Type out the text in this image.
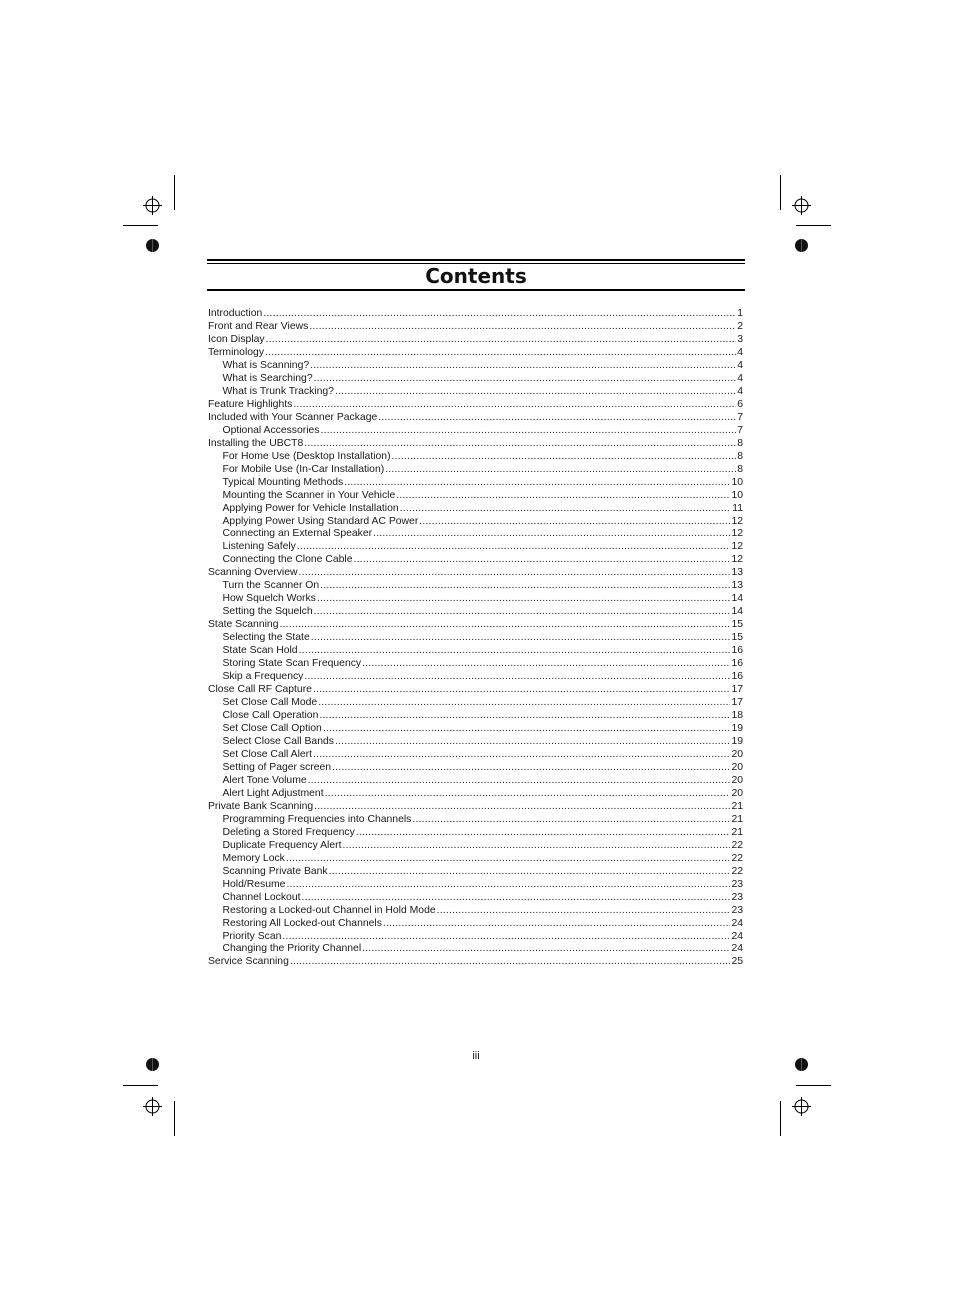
Contents
Introduction .....	1
Front and Rear Views .....	2
Icon Display .....	3
Terminology .....	4
What is Scanning? .....	4
What is Searching? .....	4
What is Trunk Tracking? .....	4
Feature Highlights .....	6
Included with Your Scanner Package .....	7
Optional Accessories .....	7
Installing the UBCT8 .....	8
For Home Use (Desktop Installation) .....	8
For Mobile Use (In-Car Installation) .....	8
Typical Mounting Methods .....	10
Mounting the Scanner in Your Vehicle .....	10
Applying Power for Vehicle Installation .....	11
Applying Power Using Standard AC Power .....	12
Connecting an External Speaker .....	12
Listening Safely .....	12
Connecting the Clone Cable .....	12
Scanning Overview .....	13
Turn the Scanner On .....	13
How Squelch Works .....	14
Setting the Squelch .....	14
State Scanning .....	15
Selecting the State .....	15
State Scan Hold .....	16
Storing State Scan Frequency .....	16
Skip a Frequency .....	16
Close Call RF Capture .....	17
Set Close Call Mode .....	17
Close Call Operation .....	18
Set Close Call Option .....	19
Select Close Call Bands .....	19
Set Close Call Alert .....	20
Setting of Pager screen .....	20
Alert Tone Volume .....	20
Alert Light Adjustment .....	20
Private Bank Scanning .....	21
Programming Frequencies into Channels .....	21
Deleting a Stored Frequency .....	21
Duplicate Frequency Alert .....	22
Memory Lock .....	22
Scanning Private Bank .....	22
Hold/Resume .....	23
Channel Lockout .....	23
Restoring a Locked-out Channel in Hold Mode .....	23
Restoring All Locked-out Channels .....	24
Priority Scan .....	24
Changing the Priority Channel .....	24
Service Scanning .....	25
iii
